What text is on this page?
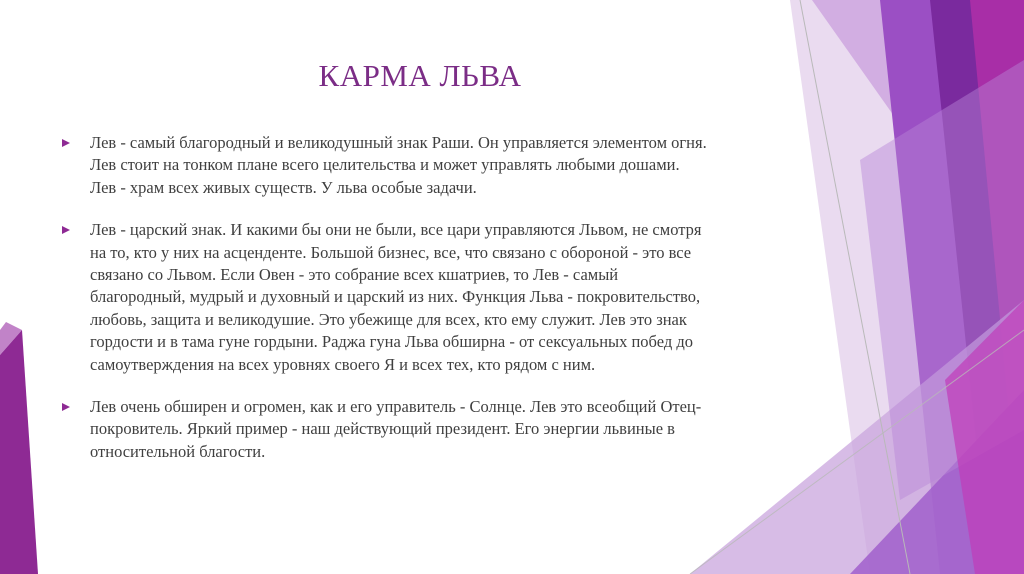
КАРМА ЛЬВА
Лев - самый благородный и великодушный знак Раши. Он управляется элементом огня.
Лев стоит на тонком плане всего целительства и может управлять любыми дошами.
Лев - храм всех живых существ. У льва особые задачи.
Лев - царский знак. И какими бы они не были, все цари управляются Львом, не смотря
на то, кто у них на асценденте. Большой бизнес, все, что связано с обороной - это все
связано со Львом. Если Овен - это собрание всех кшатриев, то Лев - самый
благородный, мудрый и духовный и царский из них. Функция Льва - покровительство,
любовь, защита и великодушие. Это убежище для всех, кто ему служит. Лев это знак
гордости и в тама гуне гордыни. Раджа гуна Льва обширна - от сексуальных побед до
самоутверждения на всех уровнях своего Я и всех тех, кто рядом с ним.
Лев очень обширен и огромен, как и его управитель - Солнце. Лев это всеобщий Отец-
покровитель. Яркий пример - наш действующий президент. Его энергии львиные в
относительной благости.
